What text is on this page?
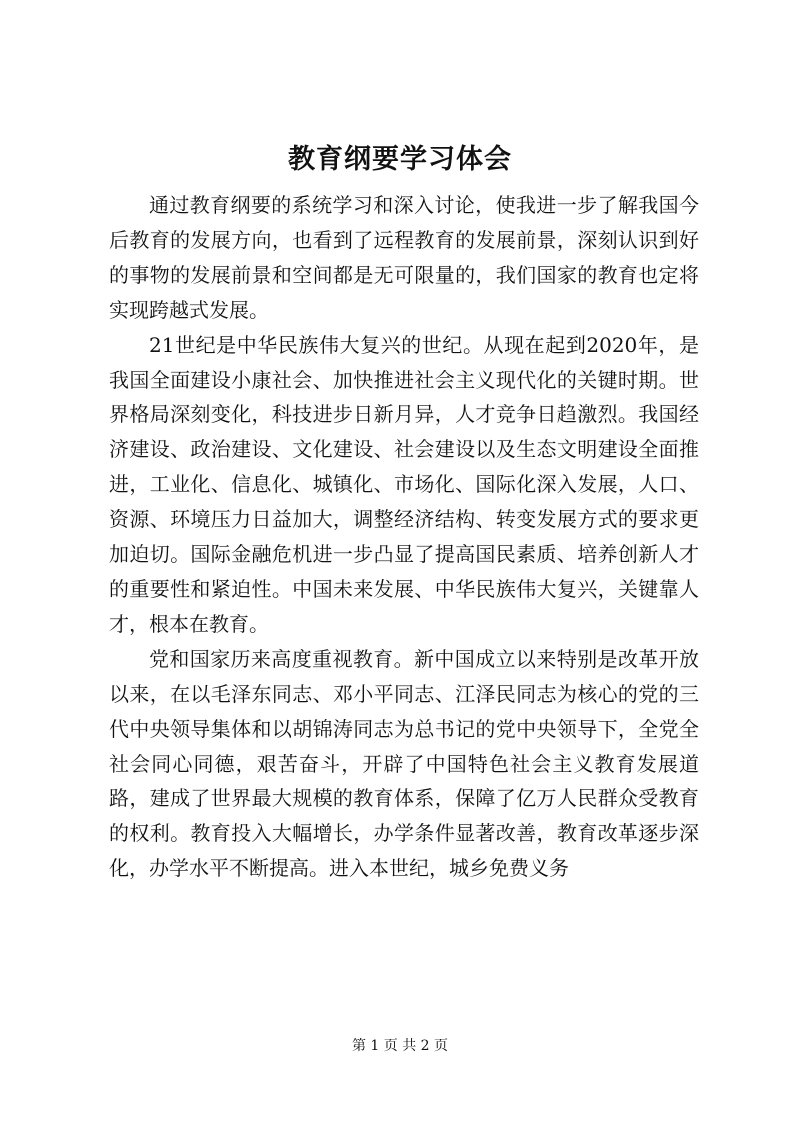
教育纲要学习体会

通过教育纲要的系统学习和深入讨论，使我进一步了解我国今后教育的发展方向，也看到了远程教育的发展前景，深刻认识到好的事物的发展前景和空间都是无可限量的，我们国家的教育也定将实现跨越式发展。

21世纪是中华民族伟大复兴的世纪。从现在起到2020年，是我国全面建设小康社会、加快推进社会主义现代化的关键时期。世界格局深刻变化，科技进步日新月异，人才竞争日趋激烈。我国经济建设、政治建设、文化建设、社会建设以及生态文明建设全面推进，工业化、信息化、城镇化、市场化、国际化深入发展，人口、资源、环境压力日益加大，调整经济结构、转变发展方式的要求更加迫切。国际金融危机进一步凸显了提高国民素质、培养创新人才的重要性和紧迫性。中国未来发展、中华民族伟大复兴，关键靠人才，根本在教育。

党和国家历来高度重视教育。新中国成立以来特别是改革开放以来，在以毛泽东同志、邓小平同志、江泽民同志为核心的党的三代中央领导集体和以胡锦涛同志为总书记的党中央领导下，全党全社会同心同德，艰苦奋斗，开辟了中国特色社会主义教育发展道路，建成了世界最大规模的教育体系，保障了亿万人民群众受教育的权利。教育投入大幅增长，办学条件显著改善，教育改革逐步深化，办学水平不断提高。进入本世纪，城乡免费义务

第 1 页 共 2 页
